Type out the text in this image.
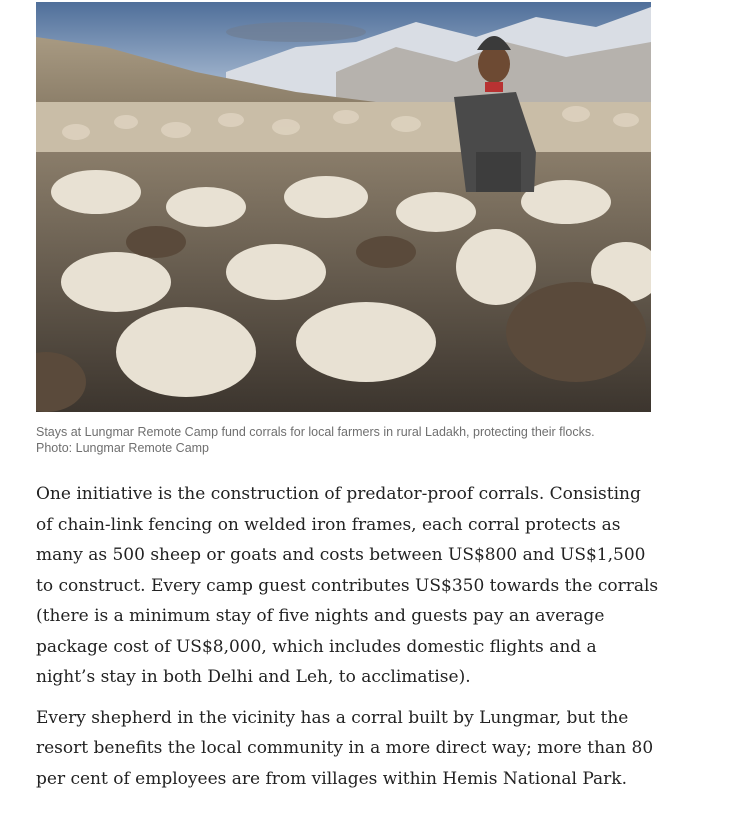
Stays at Lungmar Remote Camp fund corrals for local farmers in rural Ladakh, protecting their flocks.
Photo: Lungmar Remote Camp

One initiative is the construction of predator-proof corrals. Consisting of chain-link fencing on welded iron frames, each corral protects as many as 500 sheep or goats and costs between US$800 and US$1,500 to construct. Every camp guest contributes US$350 towards the corrals (there is a minimum stay of five nights and guests pay an average package cost of US$8,000, which includes domestic flights and a night’s stay in both Delhi and Leh, to acclimatise).

Every shepherd in the vicinity has a corral built by Lungmar, but the resort benefits the local community in a more direct way; more than 80 per cent of employees are from villages within Hemis National Park.
